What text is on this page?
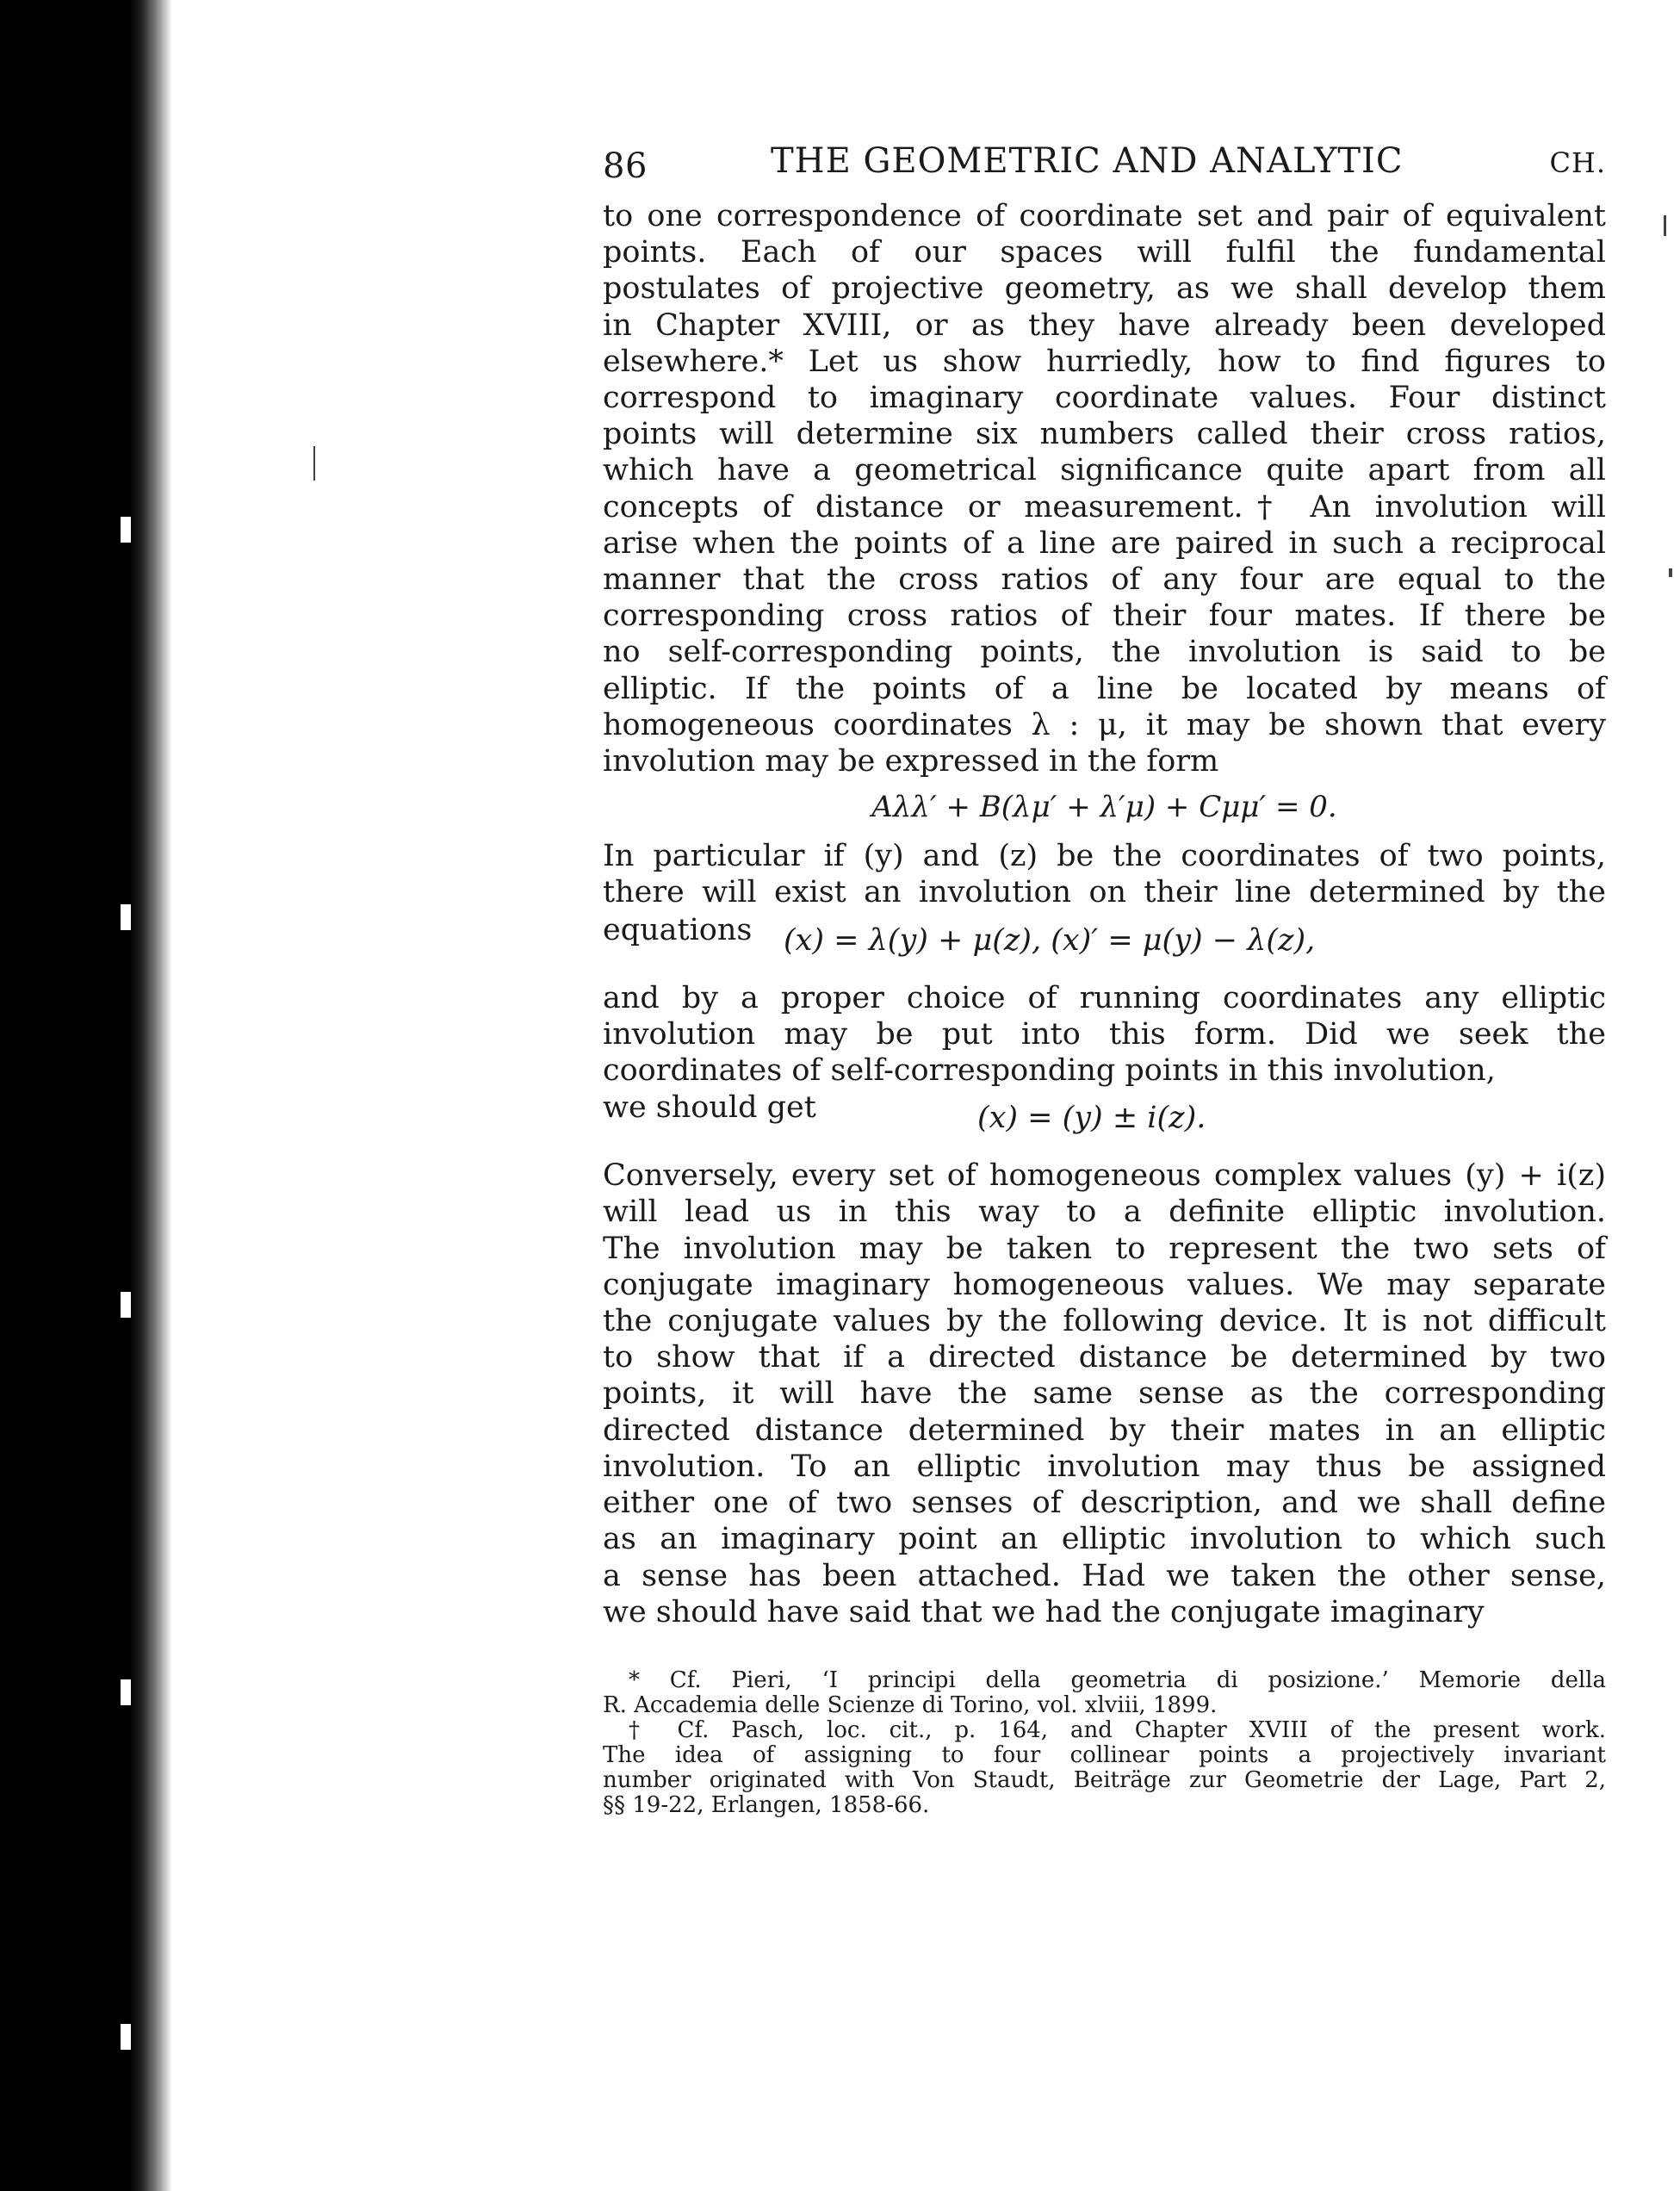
86	THE GEOMETRIC AND ANALYTIC	CH.
to one correspondence of coordinate set and pair of equivalent
points. Each of our spaces will fulfil the fundamental
postulates of projective geometry, as we shall develop them
in Chapter XVIII, or as they have already been developed
elsewhere.* Let us show hurriedly, how to find figures to
correspond to imaginary coordinate values. Four distinct
points will determine six numbers called their cross ratios,
which have a geometrical significance quite apart from all
concepts of distance or measurement.† An involution will
arise when the points of a line are paired in such a reciprocal
manner that the cross ratios of any four are equal to the
corresponding cross ratios of their four mates. If there be
no self-corresponding points, the involution is said to be
elliptic. If the points of a line be located by means of
homogeneous coordinates λ : μ, it may be shown that every
involution may be expressed in the form
Aλλ′ + B(λμ′ + λ′μ) + Cμμ′ = 0.
In particular if (y) and (z) be the coordinates of two points,
there will exist an involution on their line determined by the
equations (x) = λ(y) + μ(z), (x)′ = μ(y) − λ(z),
and by a proper choice of running coordinates any elliptic
involution may be put into this form. Did we seek the
coordinates of self-corresponding points in this involution,
we should get	(x) = (y) ± i(z).
Conversely, every set of homogeneous complex values (y) + i(z)
will lead us in this way to a definite elliptic involution.
The involution may be taken to represent the two sets of
conjugate imaginary homogeneous values. We may separate
the conjugate values by the following device. It is not difficult
to show that if a directed distance be determined by two
points, it will have the same sense as the corresponding
directed distance determined by their mates in an elliptic
involution. To an elliptic involution may thus be assigned
either one of two senses of description, and we shall define
as an imaginary point an elliptic involution to which such
a sense has been attached. Had we taken the other sense,
we should have said that we had the conjugate imaginary
* Cf. Pieri, ‘I principi della geometria di posizione.’ Memorie della
R. Accademia delle Scienze di Torino, vol. xlviii, 1899.
† Cf. Pasch, loc. cit., p. 164, and Chapter XVIII of the present work.
The idea of assigning to four collinear points a projectively invariant
number originated with Von Staudt, Beiträge zur Geometrie der Lage, Part 2,
§§ 19-22, Erlangen, 1858-66.
